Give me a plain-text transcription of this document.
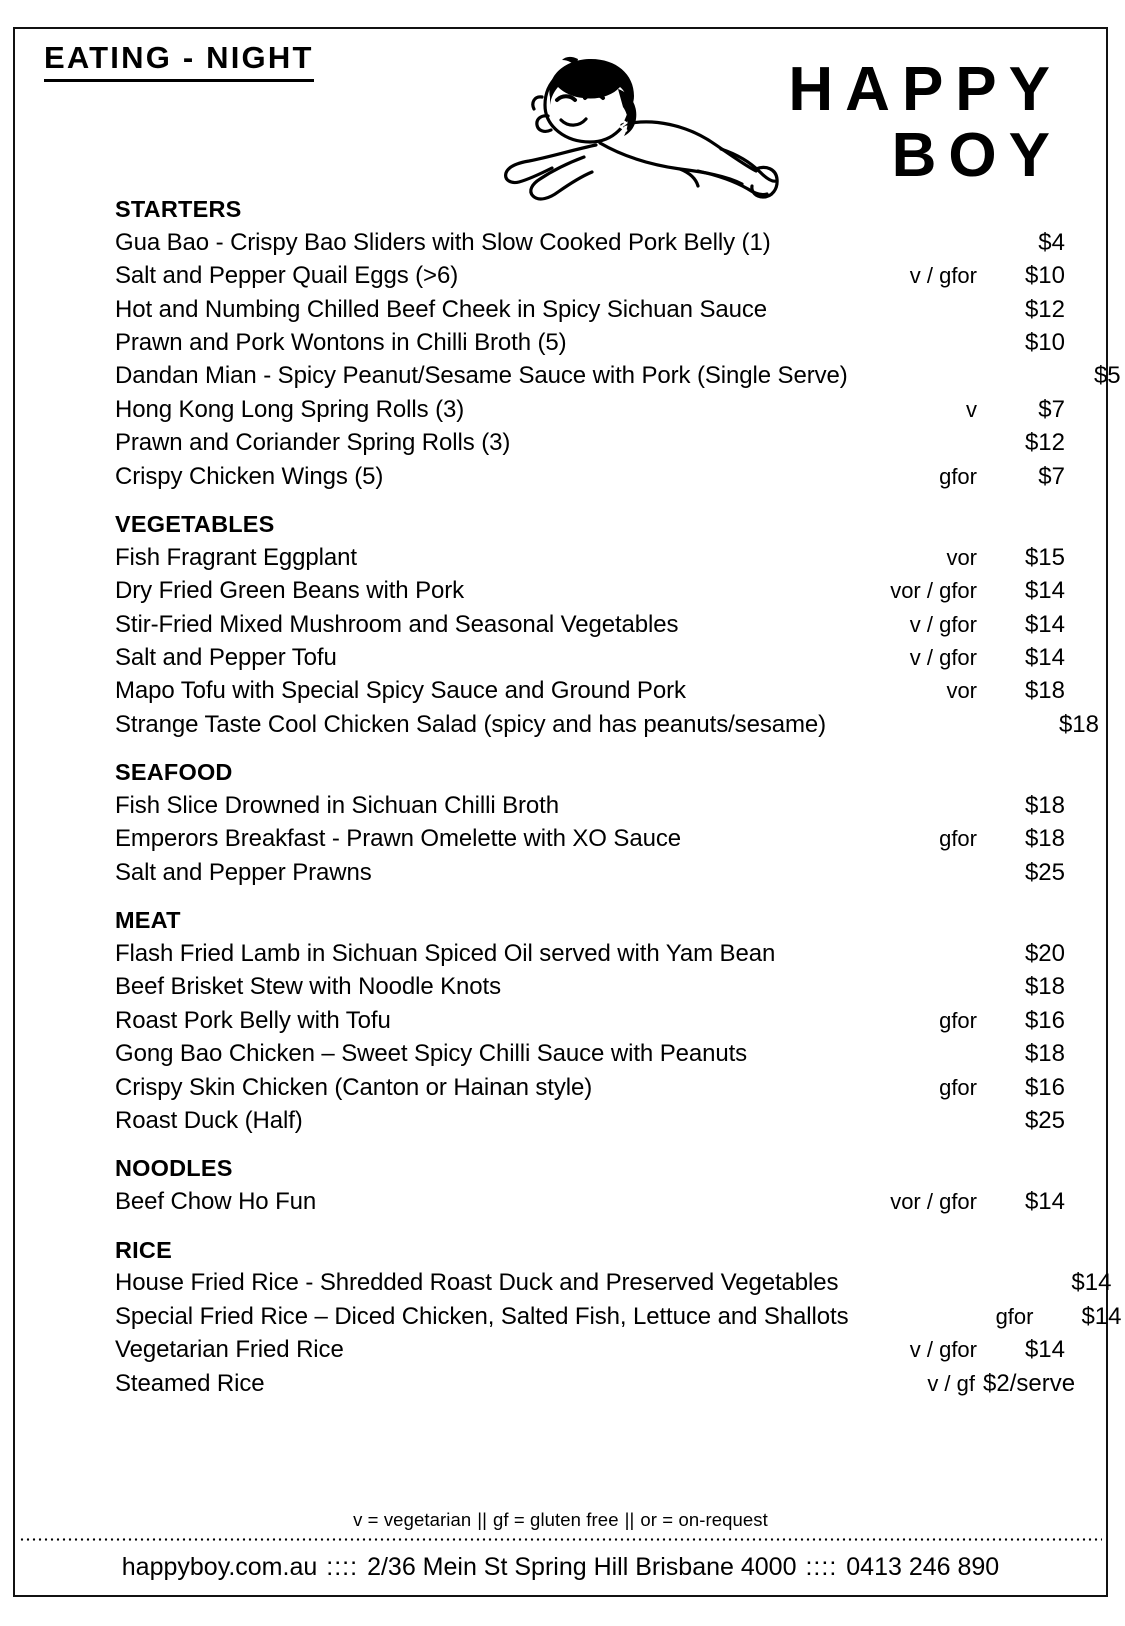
EATING - NIGHT	HAPPY
BOY
STARTERS
Gua Bao - Crispy Bao Sliders with Slow Cooked Pork Belly (1)	$4
Salt and Pepper Quail Eggs (>6)	v / gfor	$10
Hot and Numbing Chilled Beef Cheek in Spicy Sichuan Sauce	$12
Prawn and Pork Wontons in Chilli Broth (5)	$10
Dandan Mian - Spicy Peanut/Sesame Sauce with Pork (Single Serve)	$5
Hong Kong Long Spring Rolls (3)	v	$7
Prawn and Coriander Spring Rolls (3)	$12
Crispy Chicken Wings (5)	gfor	$7
VEGETABLES
Fish Fragrant Eggplant	vor	$15
Dry Fried Green Beans with Pork	vor / gfor	$14
Stir-Fried Mixed Mushroom and Seasonal Vegetables	v / gfor	$14
Salt and Pepper Tofu	v / gfor	$14
Mapo Tofu with Special Spicy Sauce and Ground Pork	vor	$18
Strange Taste Cool Chicken Salad (spicy and has peanuts/sesame)	$18
SEAFOOD
Fish Slice Drowned in Sichuan Chilli Broth	$18
Emperors Breakfast - Prawn Omelette with XO Sauce	gfor	$18
Salt and Pepper Prawns	$25
MEAT
Flash Fried Lamb in Sichuan Spiced Oil served with Yam Bean	$20
Beef Brisket Stew with Noodle Knots	$18
Roast Pork Belly with Tofu	gfor	$16
Gong Bao Chicken – Sweet Spicy Chilli Sauce with Peanuts	$18
Crispy Skin Chicken (Canton or Hainan style)	gfor	$16
Roast Duck (Half)	$25
NOODLES
Beef Chow Ho Fun	vor / gfor	$14
RICE
House Fried Rice - Shredded Roast Duck and Preserved Vegetables	$14
Special Fried Rice – Diced Chicken, Salted Fish, Lettuce and Shallots	gfor	$14
Vegetarian Fried Rice	v / gfor	$14
Steamed Rice	v / gf $2/serve
v = vegetarian || gf = gluten free || or = on-request
happyboy.com.au :::: 2/36 Mein St Spring Hill Brisbane 4000 :::: 0413 246 890
